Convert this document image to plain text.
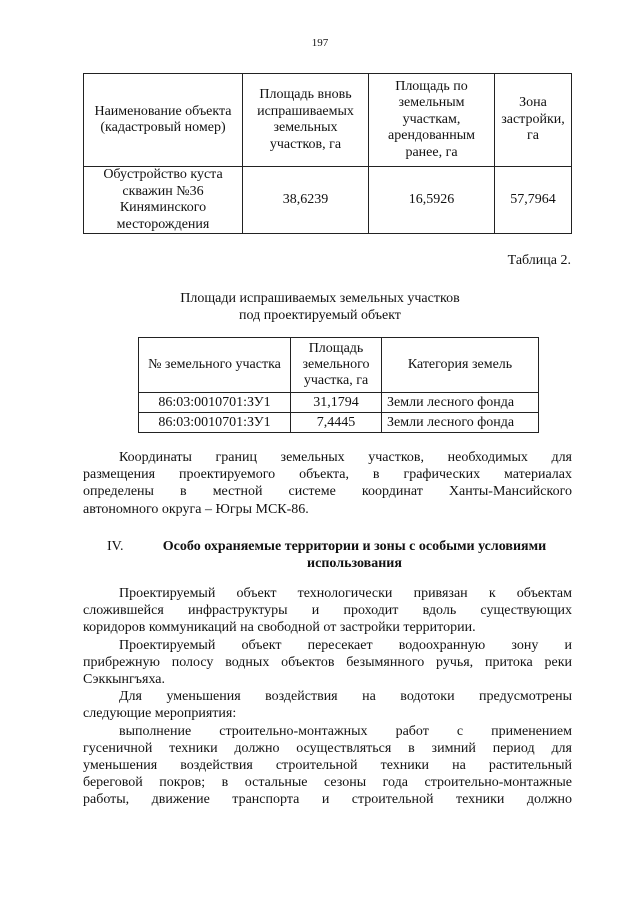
197
Наименование объекта (кадастровый номер)	Площадь вновь испрашиваемых земельных участков, га	Площадь по земельным участкам, арендованным ранее, га	Зона застройки, га
Обустройство куста скважин №36 Киняминского месторождения	38,6239	16,5926	57,7964
Таблица 2.
Площади испрашиваемых земельных участков
под проектируемый объект
№ земельного участка	Площадь земельного участка, га	Категория земель
86:03:0010701:ЗУ1	31,1794	Земли лесного фонда
86:03:0010701:ЗУ1	7,4445	Земли лесного фонда
Координаты границ земельных участков, необходимых для
размещения проектируемого объекта, в графических материалах
определены в местной системе координат Ханты-Мансийского
автономного округа – Югры МСК-86.
IV.	Особо охраняемые территории и зоны с особыми условиями
использования
Проектируемый объект технологически привязан к объектам
сложившейся инфраструктуры и проходит вдоль существующих
коридоров коммуникаций на свободной от застройки территории.
Проектируемый объект пересекает водоохранную зону и
прибрежную полосу водных объектов безымянного ручья, притока реки
Сэккынгъяха.
Для уменьшения воздействия на водотоки предусмотрены
следующие мероприятия:
выполнение строительно-монтажных работ с применением
гусеничной техники должно осуществляться в зимний период для
уменьшения воздействия строительной техники на растительный
береговой покров; в остальные сезоны года строительно-монтажные
работы, движение транспорта и строительной техники должно
